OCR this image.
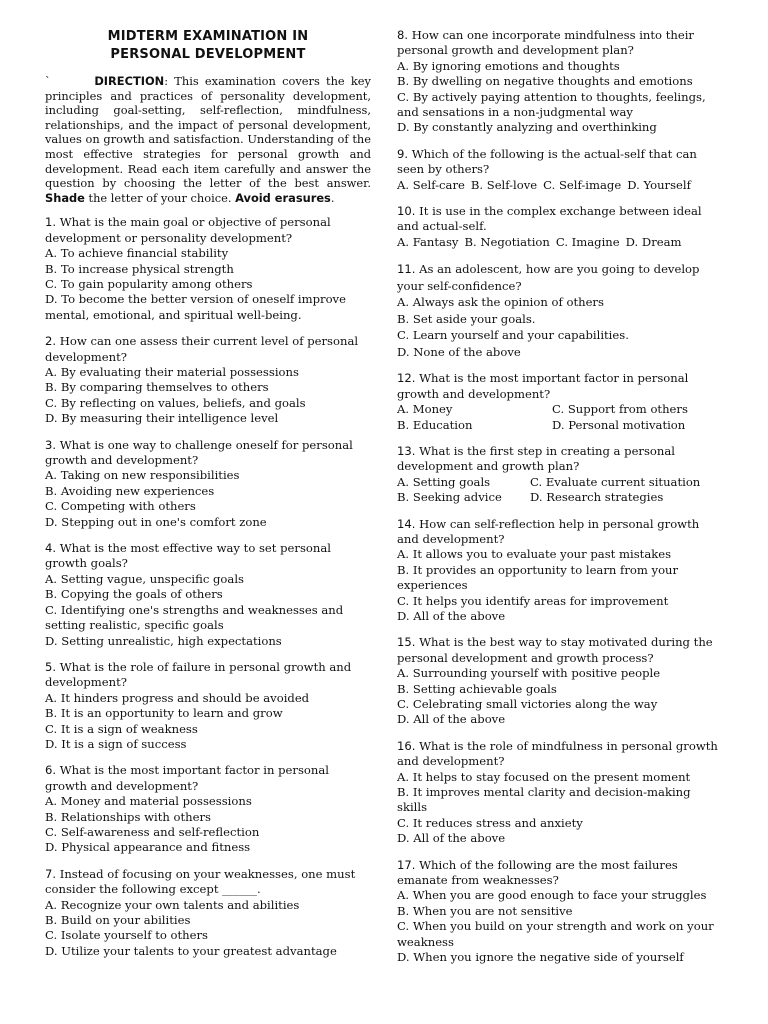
MIDTERM EXAMINATION IN
PERSONAL DEVELOPMENT
`	DIRECTION: This examination covers the key principles and practices of personality development, including goal-setting, self-reflection, mindfulness, relationships, and the impact of personal development, values on growth and satisfaction. Understanding of the most effective strategies for personal growth and development. Read each item carefully and answer the question by choosing the letter of the best answer. Shade the letter of your choice. Avoid erasures.

1. What is the main goal or objective of personal development or personality development?

A. To achieve financial stability

B. To increase physical strength

C. To gain popularity among others

D. To become the better version of oneself improve mental, emotional, and spiritual well-being.

2. How can one assess their current level of personal development?

A. By evaluating their material possessions

B. By comparing themselves to others

C. By reflecting on values, beliefs, and goals

D. By measuring their intelligence level

3. What is one way to challenge oneself for personal growth and development?

A. Taking on new responsibilities

B. Avoiding new experiences

C. Competing with others

D. Stepping out in one's comfort zone

4. What is the most effective way to set personal growth goals?

A. Setting vague, unspecific goals

B. Copying the goals of others

C. Identifying one's strengths and weaknesses and setting realistic, specific goals

D. Setting unrealistic, high expectations

5. What is the role of failure in personal growth and development?

A. It hinders progress and should be avoided

B. It is an opportunity to learn and grow

C. It is a sign of weakness

D. It is a sign of success

6. What is the most important factor in personal growth and development?

A. Money and material possessions

B. Relationships with others

C. Self-awareness and self-reflection

D. Physical appearance and fitness

7. Instead of focusing on your weaknesses, one must consider the following except ______.

A. Recognize your own talents and abilities

B. Build on your abilities

C. Isolate yourself to others

D. Utilize your talents to your greatest advantage

8. How can one incorporate mindfulness into their personal growth and development plan?

A. By ignoring emotions and thoughts

B. By dwelling on negative thoughts and emotions

C. By actively paying attention to thoughts, feelings, and sensations in a non-judgmental way

D. By constantly analyzing and overthinking

9. Which of the following is the actual-self that can seen by others?

A. Self-care B. Self-love C. Self-image D. Yourself

10. It is use in the complex exchange between ideal and actual-self.

A. Fantasy B. Negotiation C. Imagine D. Dream

11. As an adolescent, how are you going to develop your self-confidence?

A. Always ask the opinion of others

B. Set aside your goals.

C. Learn yourself and your capabilities.

D. None of the above

12. What is the most important factor in personal growth and development?

A. Money	C. Support from others
B. Education	D. Personal motivation

13. What is the first step in creating a personal development and growth plan?

A. Setting goals	C. Evaluate current situation
B. Seeking advice	D. Research strategies

14. How can self-reflection help in personal growth and development?

A. It allows you to evaluate your past mistakes

B. It provides an opportunity to learn from your experiences

C. It helps you identify areas for improvement

D. All of the above

15. What is the best way to stay motivated during the personal development and growth process?

A. Surrounding yourself with positive people

B. Setting achievable goals

C. Celebrating small victories along the way

D. All of the above

16. What is the role of mindfulness in personal growth and development?

A. It helps to stay focused on the present moment

B. It improves mental clarity and decision-making skills

C. It reduces stress and anxiety

D. All of the above

17. Which of the following are the most failures emanate from weaknesses?

A. When you are good enough to face your struggles

B. When you are not sensitive

C. When you build on your strength and work on your weakness

D. When you ignore the negative side of yourself
